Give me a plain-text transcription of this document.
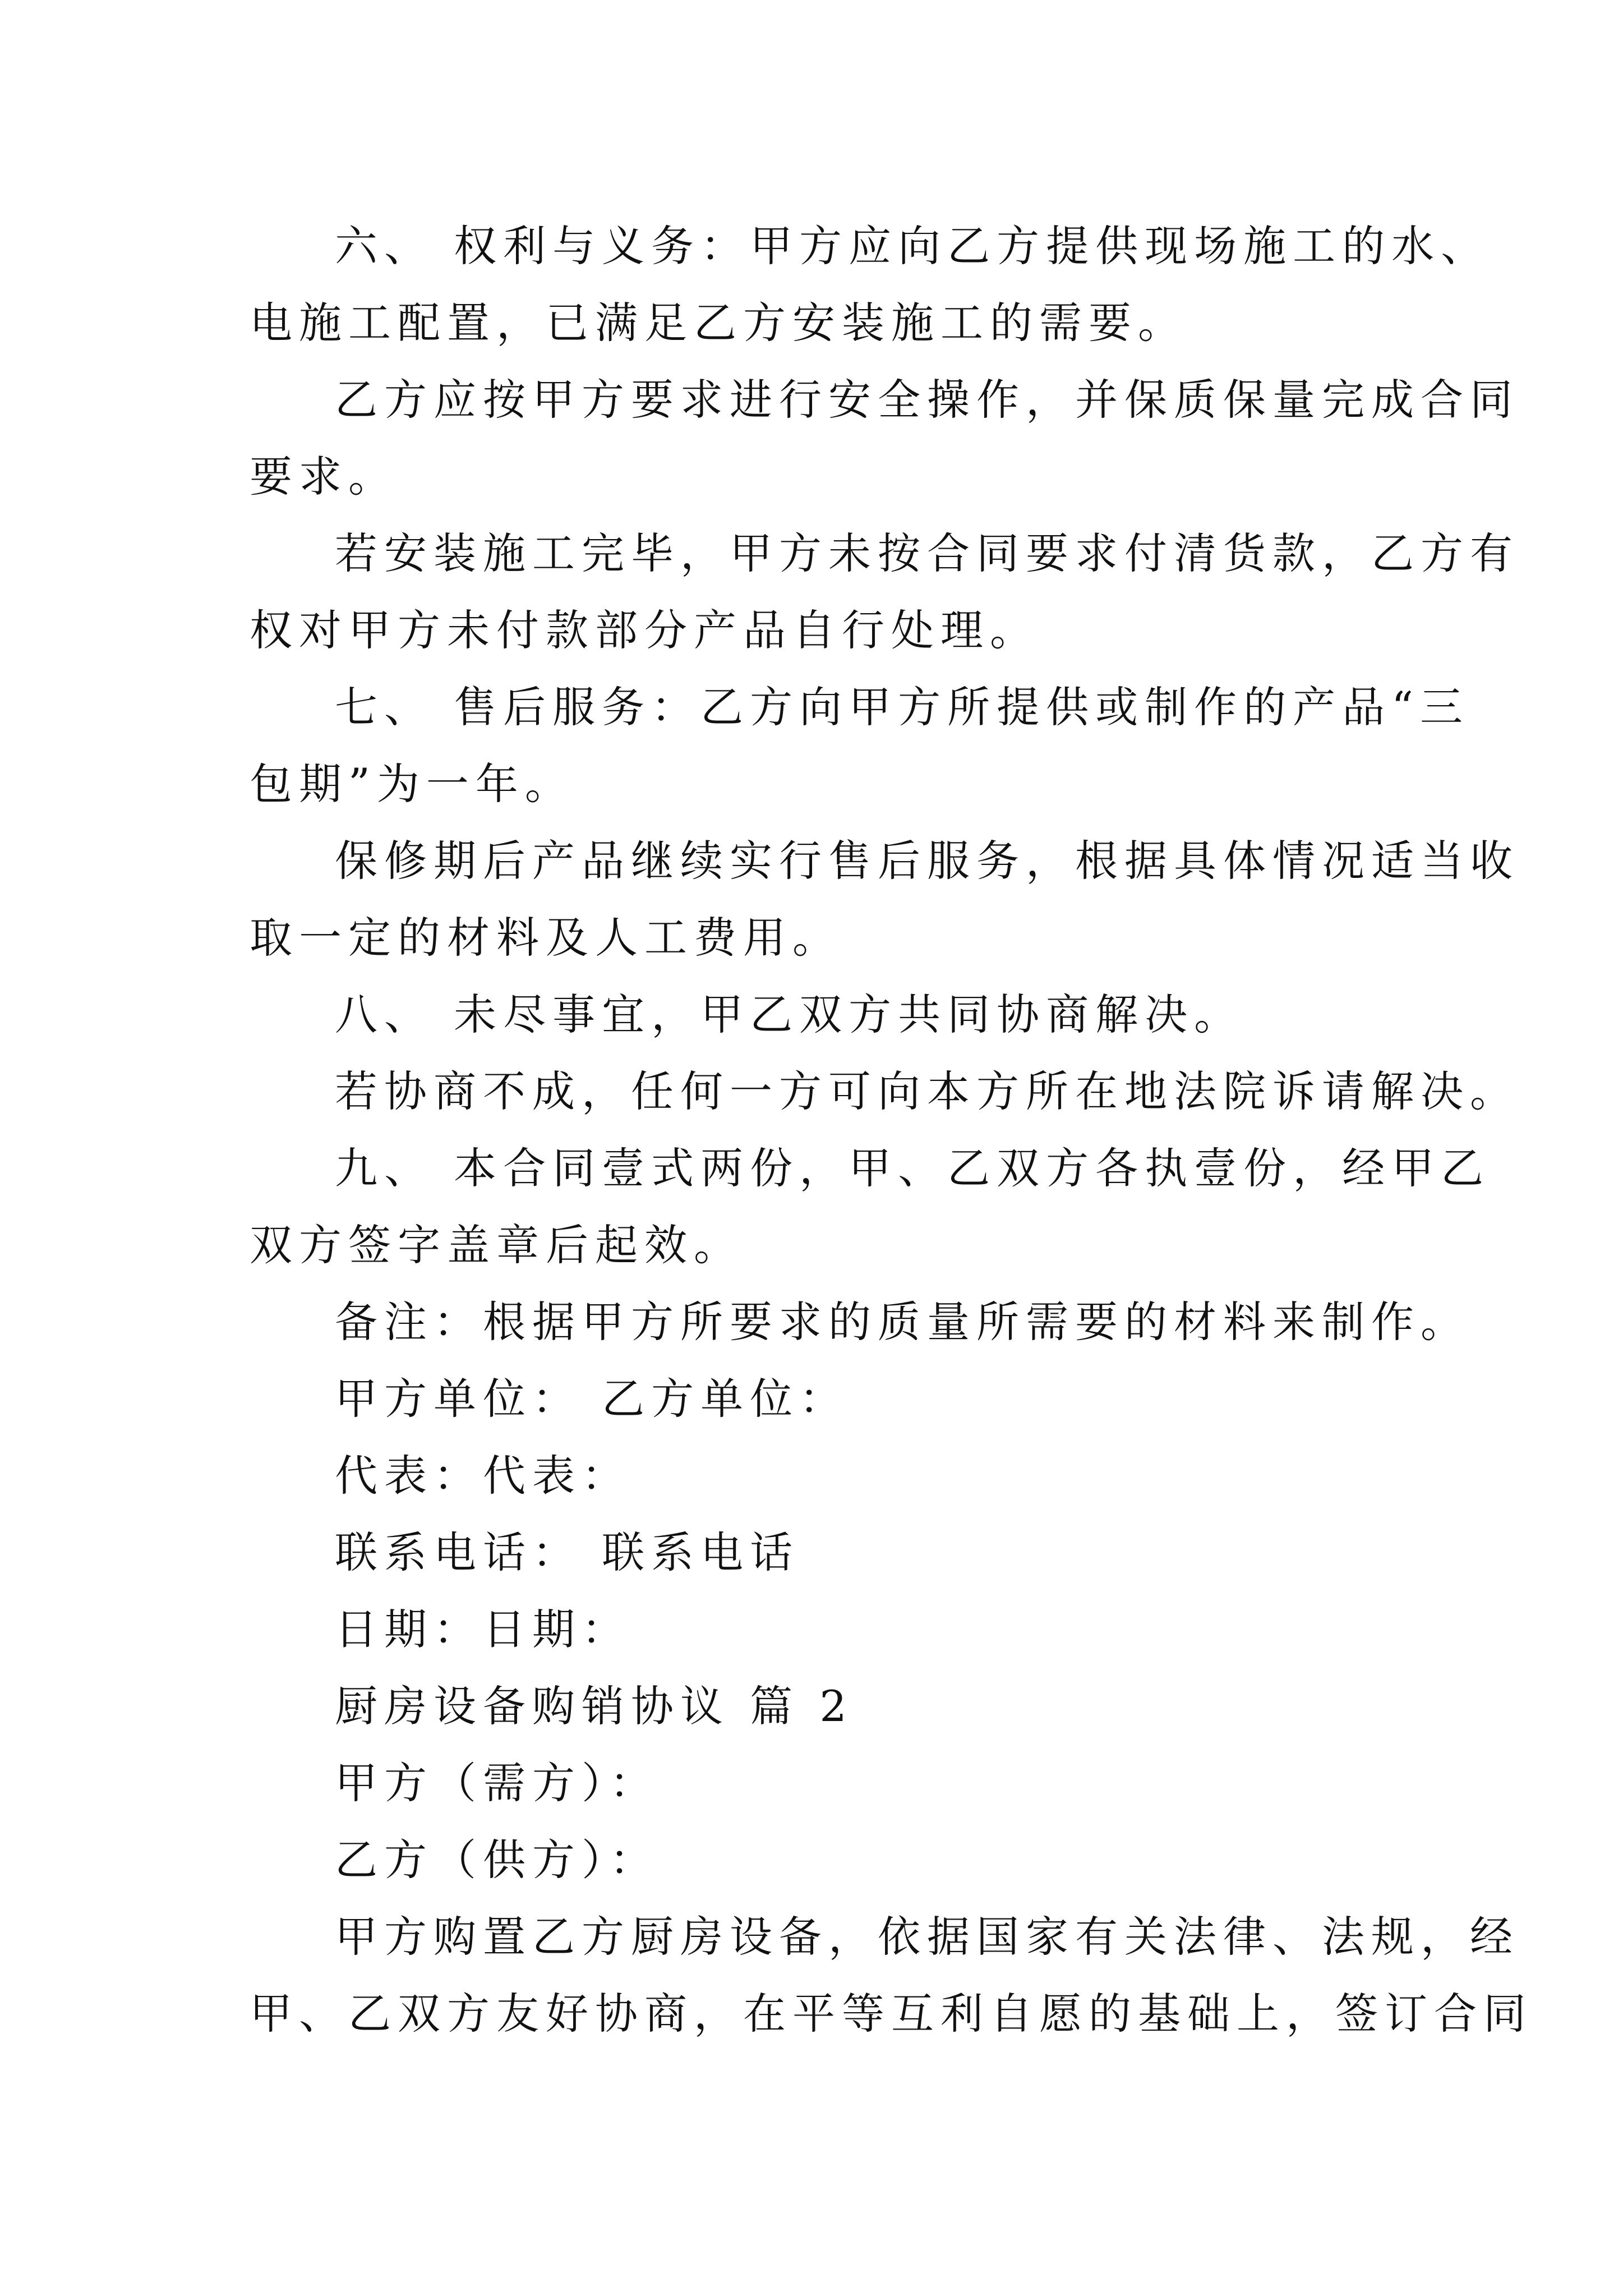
六、 权利与义务：甲方应向乙方提供现场施工的水、
电施工配置，已满足乙方安装施工的需要。
乙方应按甲方要求进行安全操作，并保质保量完成合同
要求。
若安装施工完毕，甲方未按合同要求付清货款，乙方有
权对甲方未付款部分产品自行处理。
七、 售后服务：乙方向甲方所提供或制作的产品“三
包期”为一年。
保修期后产品继续实行售后服务，根据具体情况适当收
取一定的材料及人工费用。
八、 未尽事宜，甲乙双方共同协商解决。
若协商不成，任何一方可向本方所在地法院诉请解决。
九、 本合同壹式两份，甲、乙双方各执壹份，经甲乙
双方签字盖章后起效。
备注：根据甲方所要求的质量所需要的材料来制作。
甲方单位： 乙方单位：
代表：代表：
联系电话： 联系电话
日期：日期：
厨房设备购销协议 篇 2
甲方（需方）：
乙方（供方）：
甲方购置乙方厨房设备，依据国家有关法律、法规，经
甲、乙双方友好协商，在平等互利自愿的基础上，签订合同
